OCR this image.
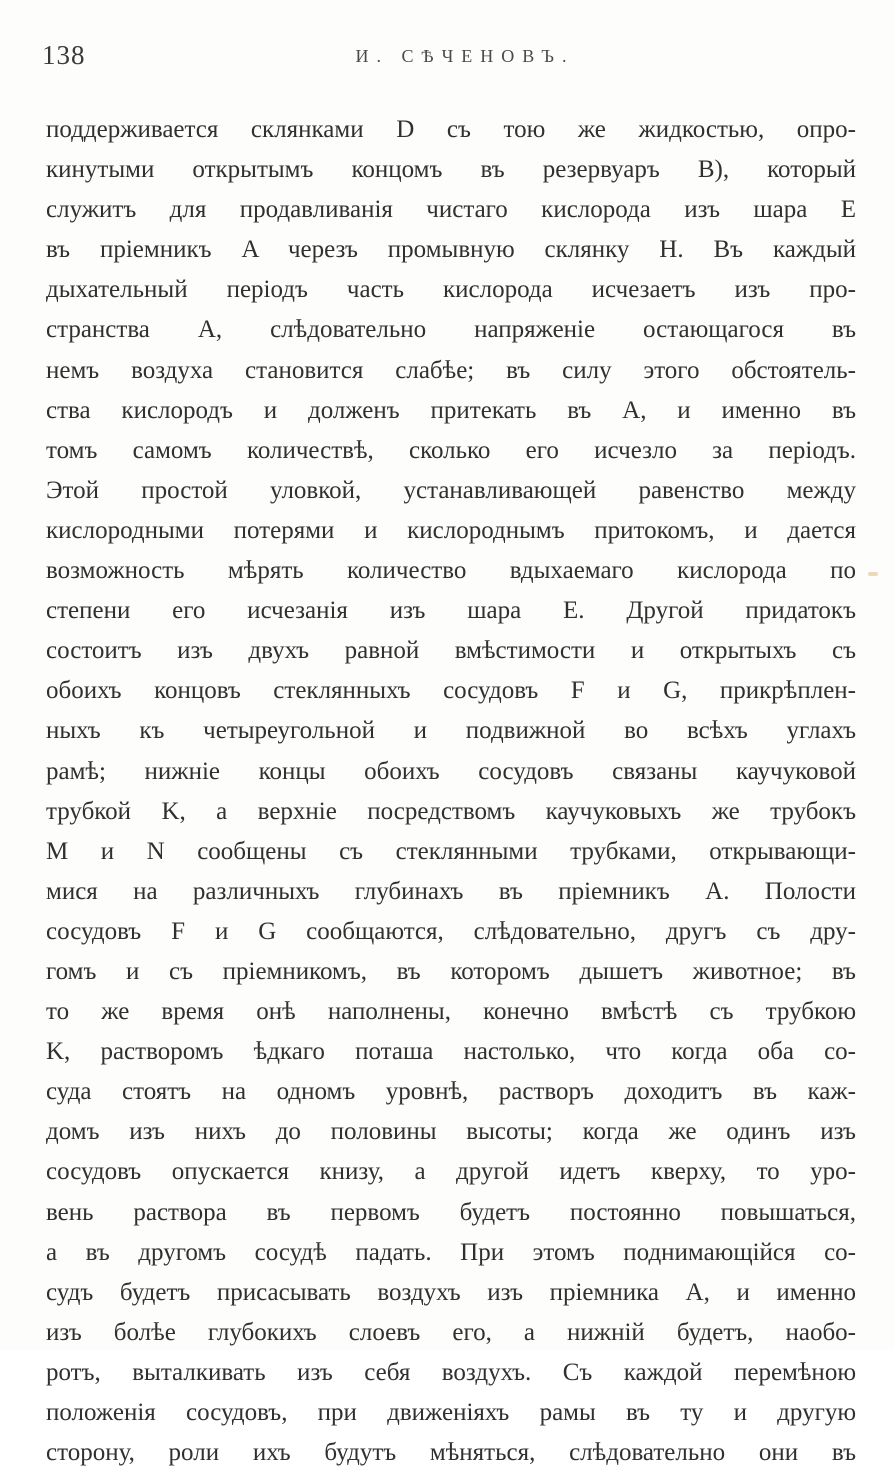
138	И. СѢЧЕНОВЪ.
поддерживается склянками D съ тою же жидкостью, опро-
кинутыми открытымъ концомъ въ резервуаръ B), который
служитъ для продавливанія чистаго кислорода изъ шара E
въ пріемникъ A черезъ промывную склянку H. Въ каждый
дыхательный періодъ часть кислорода исчезаетъ изъ про-
странства A, слѣдовательно напряженіе остающагося въ
немъ воздуха становится слабѣе; въ силу этого обстоятель-
ства кислородъ и долженъ притекать въ A, и именно въ
томъ самомъ количествѣ, сколько его исчезло за періодъ.
Этой простой уловкой, устанавливающей равенство между
кислородными потерями и кислороднымъ притокомъ, и дается
возможность мѣрять количество вдыхаемаго кислорода по
степени его исчезанія изъ шара E. Другой придатокъ
состоитъ изъ двухъ равной вмѣстимости и открытыхъ съ
обоихъ концовъ стеклянныхъ сосудовъ F и G, прикрѣплен-
ныхъ къ четыреугольной и подвижной во всѣхъ углахъ
рамѣ; нижніе концы обоихъ сосудовъ связаны каучуковой
трубкой K, а верхніе посредствомъ каучуковыхъ же трубокъ
M и N сообщены съ стеклянными трубками, открывающи-
мися на различныхъ глубинахъ въ пріемникъ A. Полости
сосудовъ F и G сообщаются, слѣдовательно, другъ съ дру-
гомъ и съ пріемникомъ, въ которомъ дышетъ животное; въ
то же время онѣ наполнены, конечно вмѣстѣ съ трубкою
K, растворомъ ѣдкаго поташа настолько, что когда оба со-
суда стоятъ на одномъ уровнѣ, растворъ доходитъ въ каж-
домъ изъ нихъ до половины высоты; когда же одинъ изъ
сосудовъ опускается книзу, а другой идетъ кверху, то уро-
вень раствора въ первомъ будетъ постоянно повышаться,
а въ другомъ сосудѣ падать. При этомъ поднимающійся со-
судъ будетъ присасывать воздухъ изъ пріемника A, и именно
изъ болѣе глубокихъ слоевъ его, а нижній будетъ, наобо-
ротъ, выталкивать изъ себя воздухъ. Съ каждой перемѣною
положенія сосудовъ, при движеніяхъ рамы въ ту и другую
сторону, роли ихъ будутъ мѣняться, слѣдовательно они въ
